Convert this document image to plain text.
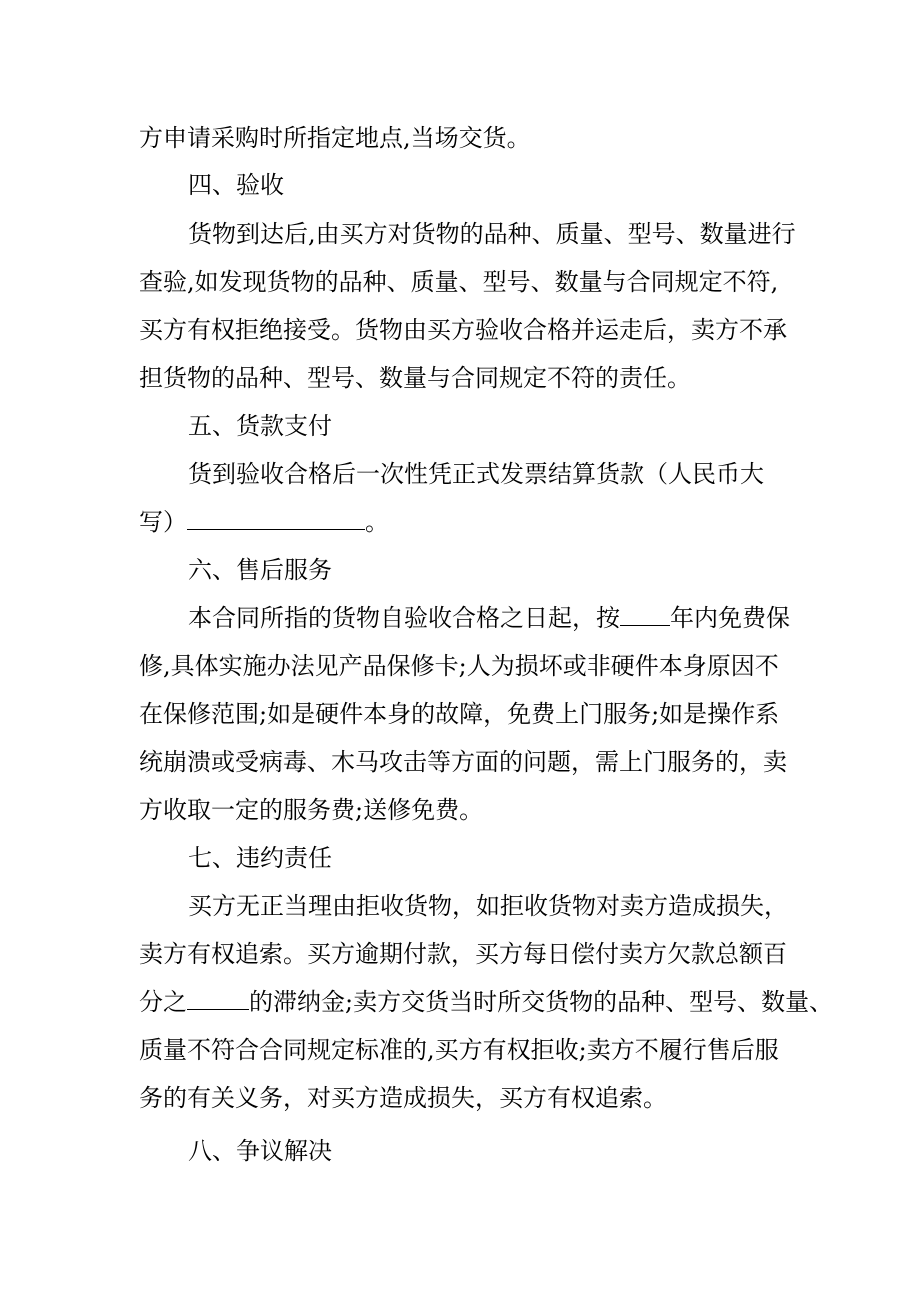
方申请采购时所指定地点,当场交货。
四、验收
货物到达后,由买方对货物的品种、质量、型号、数量进行
查验,如发现货物的品种、质量、型号、数量与合同规定不符,
买方有权拒绝接受。货物由买方验收合格并运走后，卖方不承
担货物的品种、型号、数量与合同规定不符的责任。
五、货款支付
货到验收合格后一次性凭正式发票结算货款（人民币大
写）	。
六、售后服务
本合同所指的货物自验收合格之日起，按 年内免费保
修,具体实施办法见产品保修卡;人为损坏或非硬件本身原因不
在保修范围;如是硬件本身的故障，免费上门服务;如是操作系
统崩溃或受病毒、木马攻击等方面的问题，需上门服务的，卖
方收取一定的服务费;送修免费。
七、违约责任
买方无正当理由拒收货物，如拒收货物对卖方造成损失，
卖方有权追索。买方逾期付款，买方每日偿付卖方欠款总额百
分之	的滞纳金;卖方交货当时所交货物的品种、型号、数量、
质量不符合合同规定标准的,买方有权拒收;卖方不履行售后服
务的有关义务，对买方造成损失，买方有权追索。
八、争议解决
